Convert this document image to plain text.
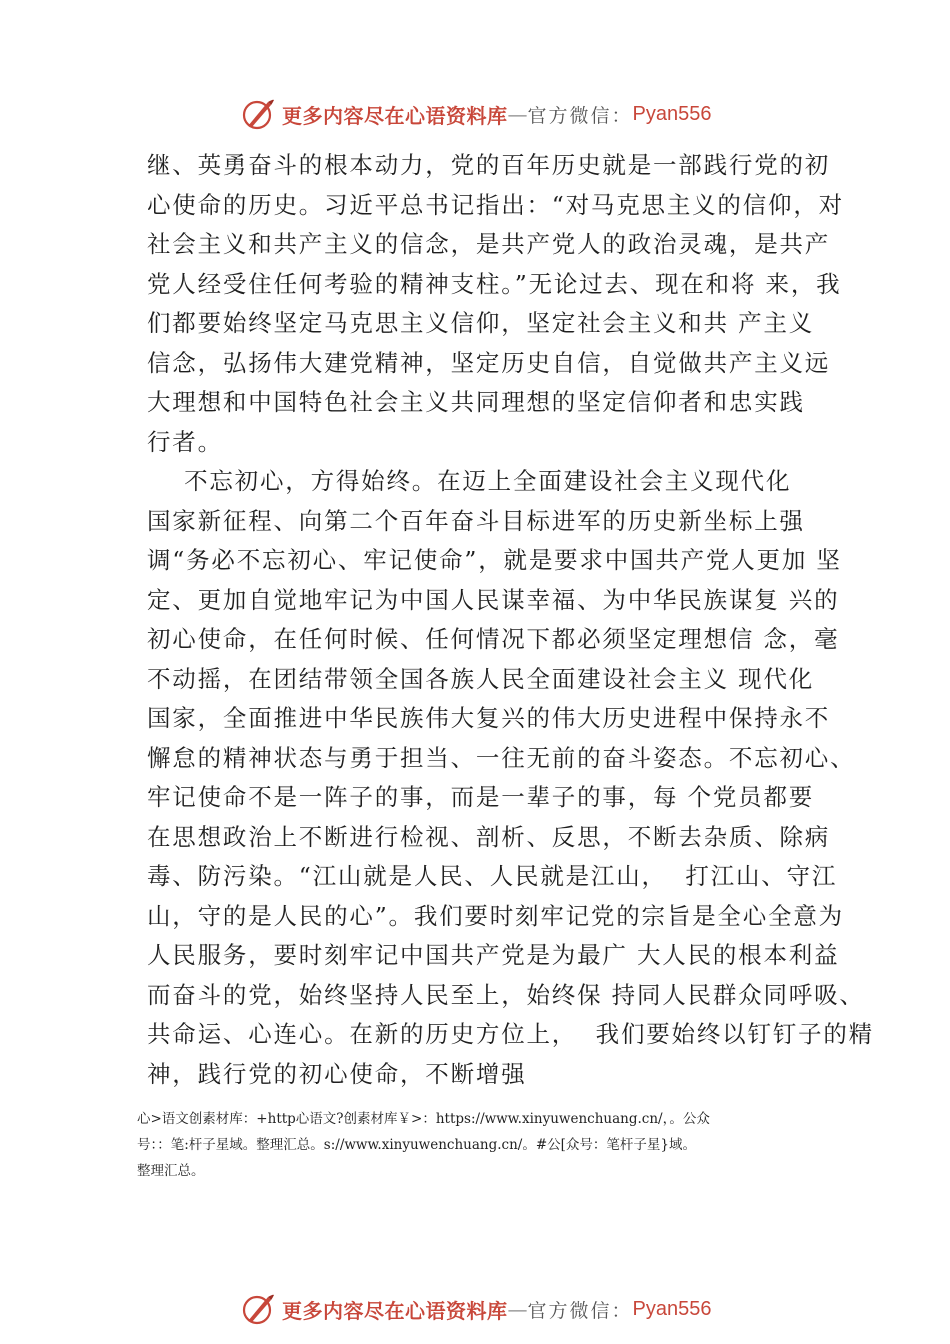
更多内容尽在心语资料库 — 官方微信： Pyan556

继、英勇奋斗的根本动力，党的百年历史就是一部践行党的初

心使命的历史。习近平总书记指出：“对马克思主义的信仰，对

社会主义和共产主义的信念，是共产党人的政治灵魂，是共产

党人经受住任何考验的精神支柱。”无论过去、现在和将 来，我

们都要始终坚定马克思主义信仰，坚定社会主义和共 产主义

信念，弘扬伟大建党精神，坚定历史自信，自觉做共产主义远

大理想和中国特色社会主义共同理想的坚定信仰者和忠实践

行者。

不忘初心，方得始终。在迈上全面建设社会主义现代化

国家新征程、向第二个百年奋斗目标进军的历史新坐标上强

调“务必不忘初心、牢记使命”，就是要求中国共产党人更加 坚

定、更加自觉地牢记为中国人民谋幸福、为中华民族谋复 兴的

初心使命，在任何时候、任何情况下都必须坚定理想信 念，毫

不动摇，在团结带领全国各族人民全面建设社会主义 现代化

国家，全面推进中华民族伟大复兴的伟大历史进程中保持永不

懈怠的精神状态与勇于担当、一往无前的奋斗姿态。不忘初心、

牢记使命不是一阵子的事，而是一辈子的事，每 个党员都要

在思想政治上不断进行检视、剖析、反思，不断去杂质、除病

毒、防污染。“江山就是人民、人民就是江山，  打江山、守江

山，守的是人民的心”。我们要时刻牢记党的宗旨是全心全意为

人民服务，要时刻牢记中国共产党是为最广 大人民的根本利益

而奋斗的党，始终坚持人民至上，始终保 持同人民群众同呼吸、

共命运、心连心。在新的历史方位上，  我们要始终以钉钉子的精

神，践行党的初心使命，不断增强

心>语文创素材库：+http心语文?创素材库￥>：https://www.xinyuwenchuang.cn/，。公众

号：：笔:杆子星域。整理汇总。s://www.xinyuwenchuang.cn/。#公[众号：笔杆子星}域。

整理汇总。

更多内容尽在心语资料库 — 官方微信： Pyan556
